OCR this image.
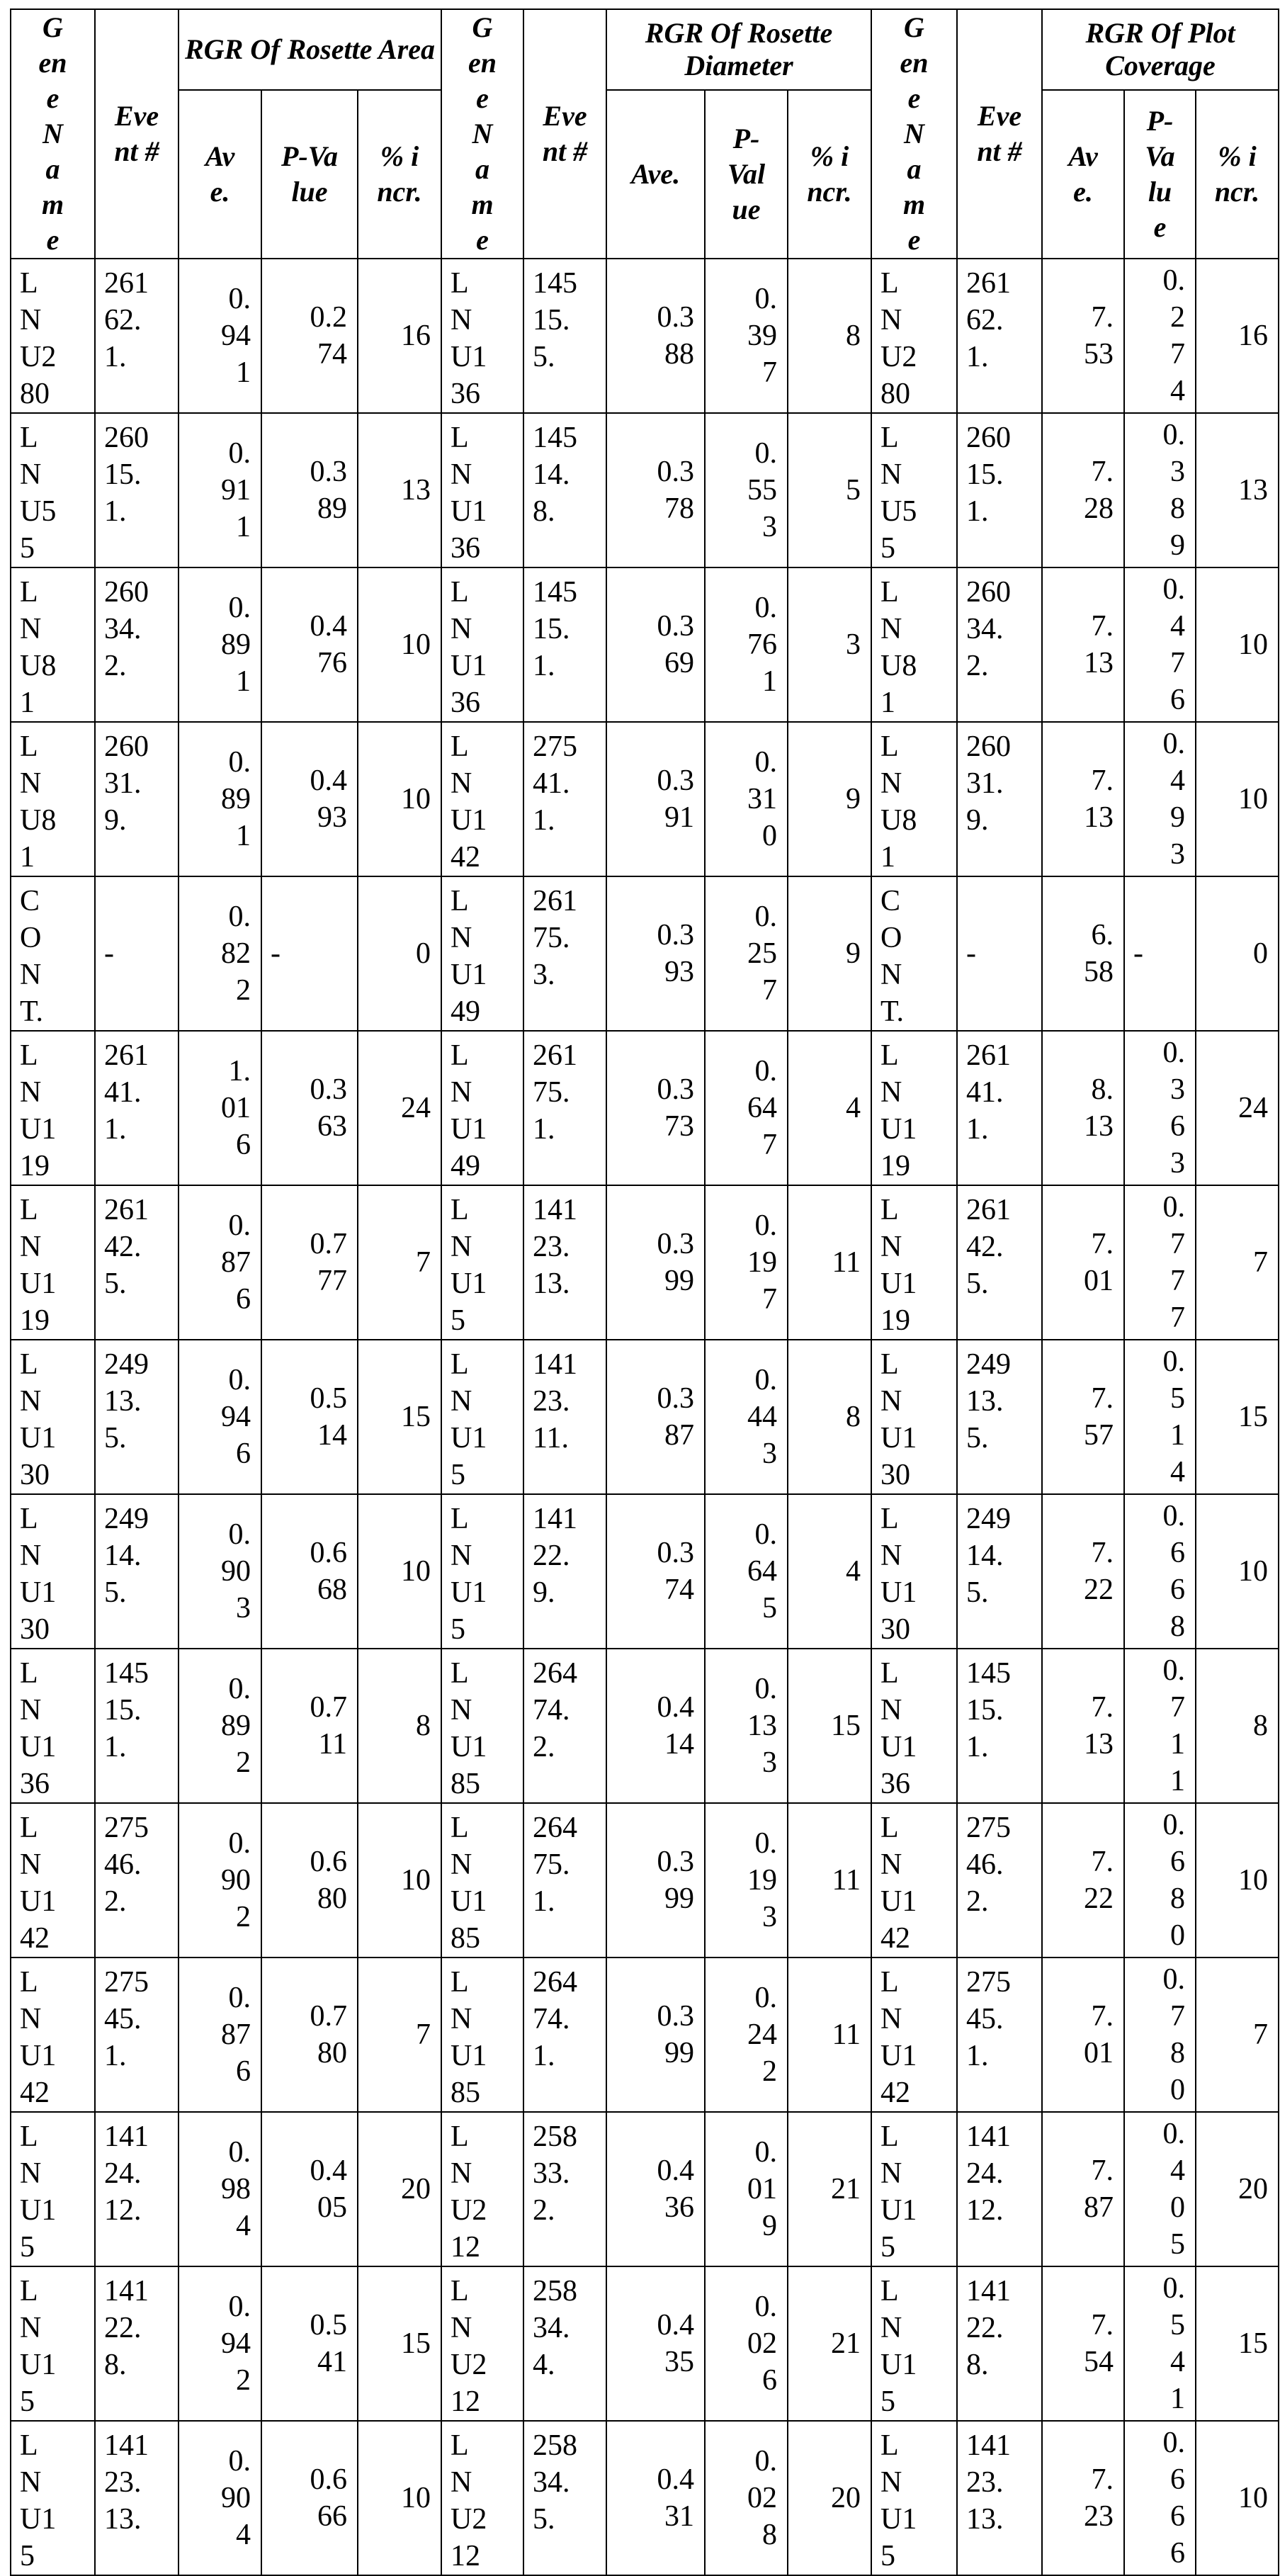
Gene Name	Event #	RGR Of Rosette Area			Gene Name	Event #	RGR Of Rosette Diameter			Gene Name	Event #	RGR Of Plot Coverage		
		Ave.	P-Value	% incr.			Ave.	P-Value	% incr.			Ave.	P-Value	% incr.

LNU280	26162.1.	0.941	0.274	16	LNU136	14515.5.	0.388	0.397	8	LNU280	26162.1.	7.53	0.274	16

LNU55	26015.1.	0.911	0.389	13	LNU136	14514.8.	0.378	0.553	5	LNU55	26015.1.	7.28	0.389	13

LNU81	26034.2.	0.891	0.476	10	LNU136	14515.1.	0.369	0.761	3	LNU81	26034.2.	7.13	0.476	10

LNU81	26031.9.	0.891	0.493	10	LNU142	27541.1.	0.391	0.310	9	LNU81	26031.9.	7.13	0.493	10

CONT.	-	0.822	-	0	LNU149	26175.3.	0.393	0.257	9	CONT.	-	6.58	-	0

LNU119	26141.1.	1.016	0.363	24	LNU149	26175.1.	0.373	0.647	4	LNU119	26141.1.	8.13	0.363	24

LNU119	26142.5.	0.876	0.777	7	LNU15	14123.13.	0.399	0.197	11	LNU119	26142.5.	7.01	0.777	7

LNU130	24913.5.	0.946	0.514	15	LNU15	14123.11.	0.387	0.443	8	LNU130	24913.5.	7.57	0.514	15

LNU130	24914.5.	0.903	0.668	10	LNU15	14122.9.	0.374	0.645	4	LNU130	24914.5.	7.22	0.668	10

LNU136	14515.1.	0.892	0.711	8	LNU185	26474.2.	0.414	0.133	15	LNU136	14515.1.	7.13	0.711	8

LNU142	27546.2.	0.902	0.680	10	LNU185	26475.1.	0.399	0.193	11	LNU142	27546.2.	7.22	0.680	10

LNU142	27545.1.	0.876	0.780	7	LNU185	26474.1.	0.399	0.242	11	LNU142	27545.1.	7.01	0.780	7

LNU15	14124.12.	0.984	0.405	20	LNU212	25833.2.	0.436	0.019	21	LNU15	14124.12.	7.87	0.405	20

LNU15	14122.8.	0.942	0.541	15	LNU212	25834.4.	0.435	0.026	21	LNU15	14122.8.	7.54	0.541	15

LNU15	14123.13.	0.904	0.666	10	LNU212	25834.5.	0.431	0.028	20	LNU15	14123.13.	7.23	0.666	10
